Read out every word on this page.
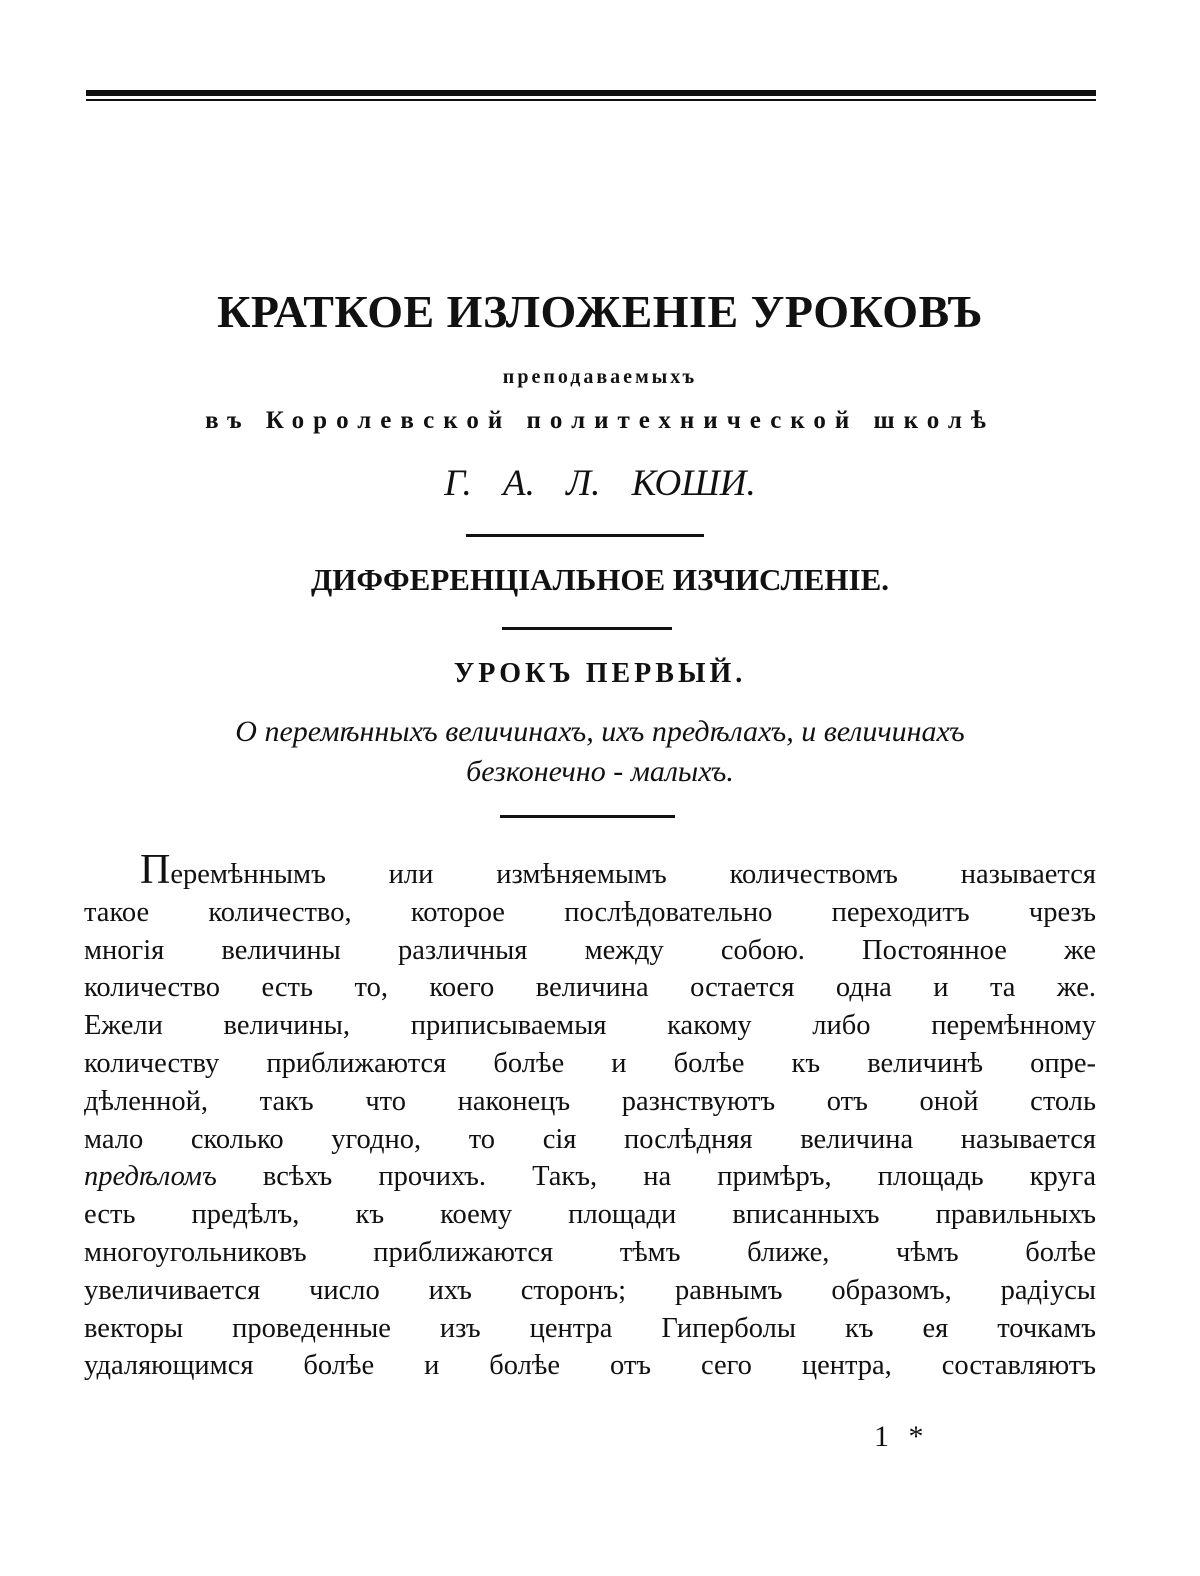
КРАТКОЕ ИЗЛОЖЕНIЕ УРОКОВЪ

преподаваемыхъ

въ Королевской политехнической школѣ

Г. А. Л. КОШИ.

ДИФФЕРЕНЦIАЛЬНОЕ ИЗЧИСЛЕНIЕ.
УРОКЪ ПЕРВЫЙ.

О перемѣнныхъ величинахъ, ихъ предѣлахъ, и величинахъ
безконечно - малыхъ.

Перемѣннымъ или измѣняемымъ количествомъ называется
такое количество, которое послѣдовательно переходитъ чрезъ
многiя величины различныя между собою. Постоянное же
количество есть то, коего величина остается одна и та же.
Ежели величины, приписываемыя какому либо перемѣнному
количеству приближаются болѣе и болѣе къ величинѣ опре-
дѣленной, такъ что наконецъ разнствуютъ отъ оной столь
мало сколько угодно, то сiя послѣдняя величина называется
предѣломъ всѣхъ прочихъ. Такъ, на примѣръ, площадь круга
есть предѣлъ, къ коему площади вписанныхъ правильныхъ
многоугольниковъ приближаются тѣмъ ближе, чѣмъ болѣе
увеличивается число ихъ сторонъ; равнымъ образомъ, радiусы
векторы проведенные изъ центра Гиперболы къ ея точкамъ
удаляющимся болѣе и болѣе отъ сего центра, составляютъ

1 *
